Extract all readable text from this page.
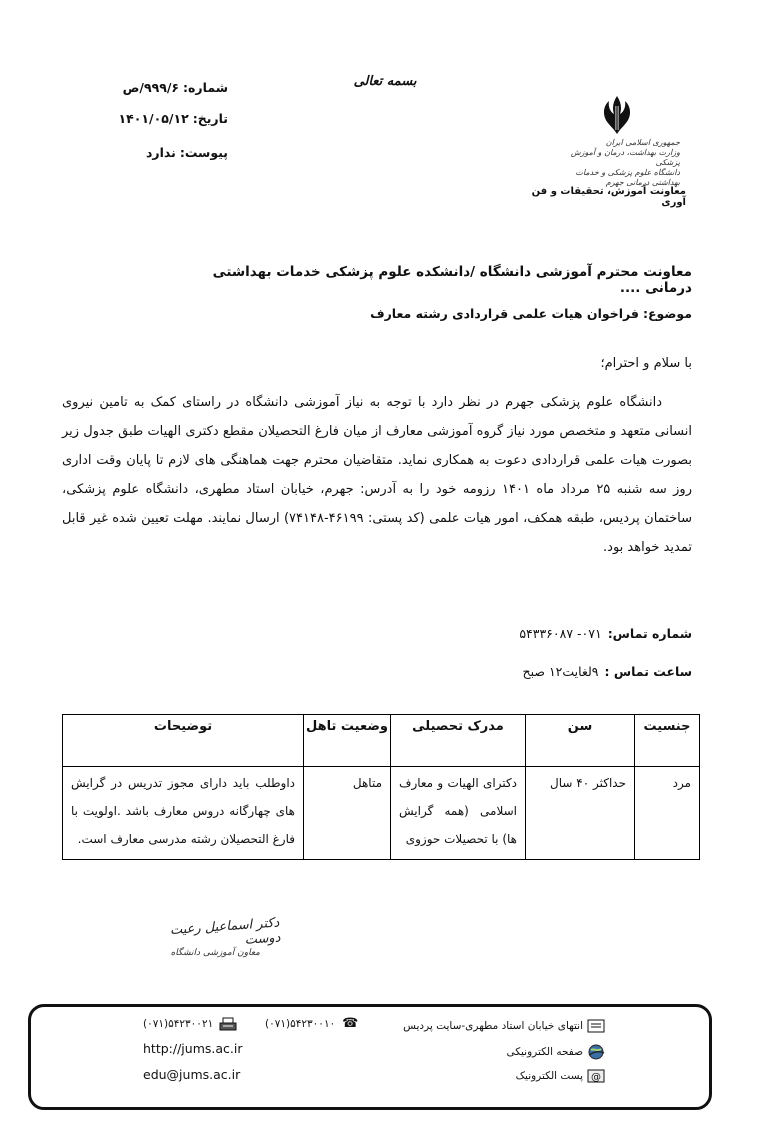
بسمه تعالی
شماره:۹۹۹/۶/ص
تاریخ:۱۴۰۱/۰۵/۱۲
پیوست:ندارد
جمهوری اسلامی ایران
وزارت بهداشت، درمان و آموزش پزشکی
دانشگاه علوم پزشکی و خدمات بهداشتی درمانی جهرم
معاونت آموزش، تحقیقات و فن آوری
معاونت محترم آموزشی دانشگاه /دانشکده علوم پزشکی خدمات بهداشتی درمانی ....
موضوع:فراخوان هیات علمی قراردادی رشته معارف
با سلام و احترام؛
دانشگاه علوم پزشکی جهرم در نظر دارد با توجه به نیاز آموزشی دانشگاه در راستای کمک به تامین نیروی انسانی متعهد و متخصص مورد نیاز گروه آموزشی معارف از میان فارغ التحصیلان مقطع دکتری الهیات طبق جدول زیر بصورت هیات علمی قراردادی دعوت به همکاری نماید. متقاضیان محترم جهت هماهنگی های لازم تا پایان وقت اداری روز سه شنبه ۲۵ مرداد ماه ۱۴۰۱ رزومه خود را به آدرس: جهرم، خیابان استاد مطهری، دانشگاه علوم پزشکی، ساختمان پردیس، طبقه همکف، امور هیات علمی (کد پستی: ۴۶۱۹۹-۷۴۱۴۸) ارسال نمایند. مهلت تعیین شده غیر قابل تمدید خواهد بود.
شماره تماس:۰۷۱- ۵۴۳۳۶۰۸۷
ساعت تماس :۹لغایت۱۲ صبح
جنسیت	سن	مدرک تحصیلی	وضعیت تاهل	توضیحات
مرد	حداکثر ۴۰ سال	دکترای الهیات و معارف اسلامی (همه گرایش ها) با تحصیلات حوزوی	متاهل	داوطلب باید دارای مجوز تدریس در گرایش های چهارگانه دروس معارف باشد .اولویت با فارغ التحصیلان رشته مدرسی معارف است.
دکتر اسماعیل رعیت دوست
معاون آموزشی دانشگاه
انتهای خیابان استاد مطهری-سایت پردیس
(۰۷۱)۵۴۲۳۰۰۱۰ ☎
(۰۷۱)۵۴۲۳۰۰۲۱
صفحه الکترونیکی
http://jums.ac.ir
@
پست الکترونیک
edu@jums.ac.ir
